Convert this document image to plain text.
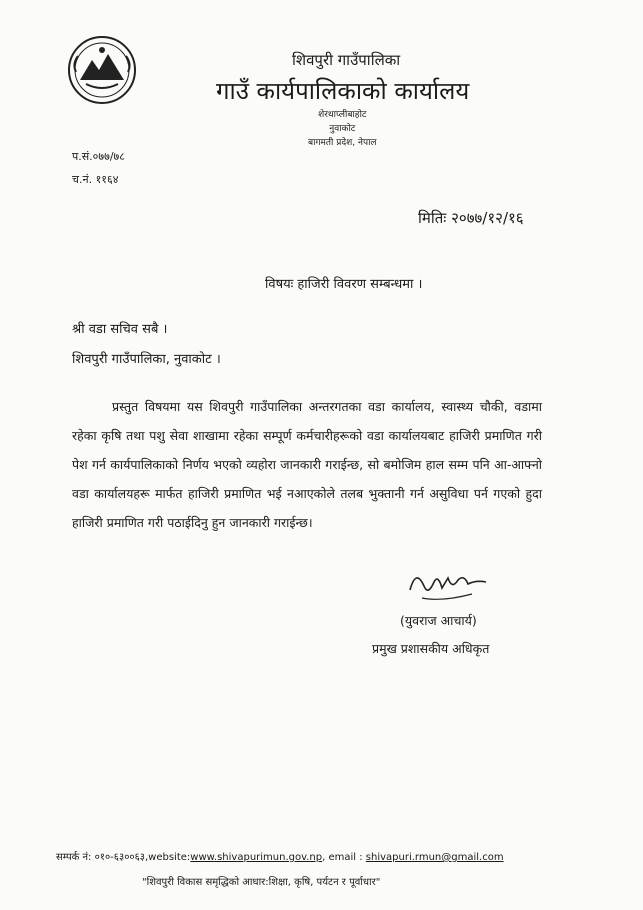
शिवपुरी गाउँपालिका
गाउँ कार्यपालिकाको कार्यालय
शेरथाप्लीबाहोट
नुवाकोट
बागमती प्रदेश, नेपाल
प.सं.०७७/७८
च.नं. ११६४
मितिः २०७७/१२/१६
विषयः हाजिरी विवरण सम्बन्धमा ।
श्री वडा सचिव सबै ।
शिवपुरी गाउँपालिका, नुवाकोट ।
प्रस्तुत विषयमा यस शिवपुरी गाउँपालिका अन्तरगतका वडा कार्यालय, स्वास्थ्य चौकी, वडामा रहेका कृषि तथा पशु सेवा शाखामा रहेका सम्पूर्ण कर्मचारीहरूको वडा कार्यालयबाट हाजिरी प्रमाणित गरी पेश गर्न कार्यपालिकाको निर्णय भएको व्यहोरा जानकारी गराईन्छ, सो बमोजिम हाल सम्म पनि आ-आफ्नो वडा कार्यालयहरू मार्फत हाजिरी प्रमाणित भई नआएकोले तलब भुक्तानी गर्न असुविधा पर्न गएको हुदा हाजिरी प्रमाणित गरी पठाईदिनु हुन जानकारी गराईन्छ।
(युवराज आचार्य)
प्रमुख प्रशासकीय अधिकृत
सम्पर्क नं: ०१०-६३००६३,website:www.shivapurimun.gov.np, email : shivapuri.rmun@gmail.com
"शिवपुरी विकास समृद्धिको आधार:शिक्षा, कृषि, पर्यटन र पूर्वाधार"
